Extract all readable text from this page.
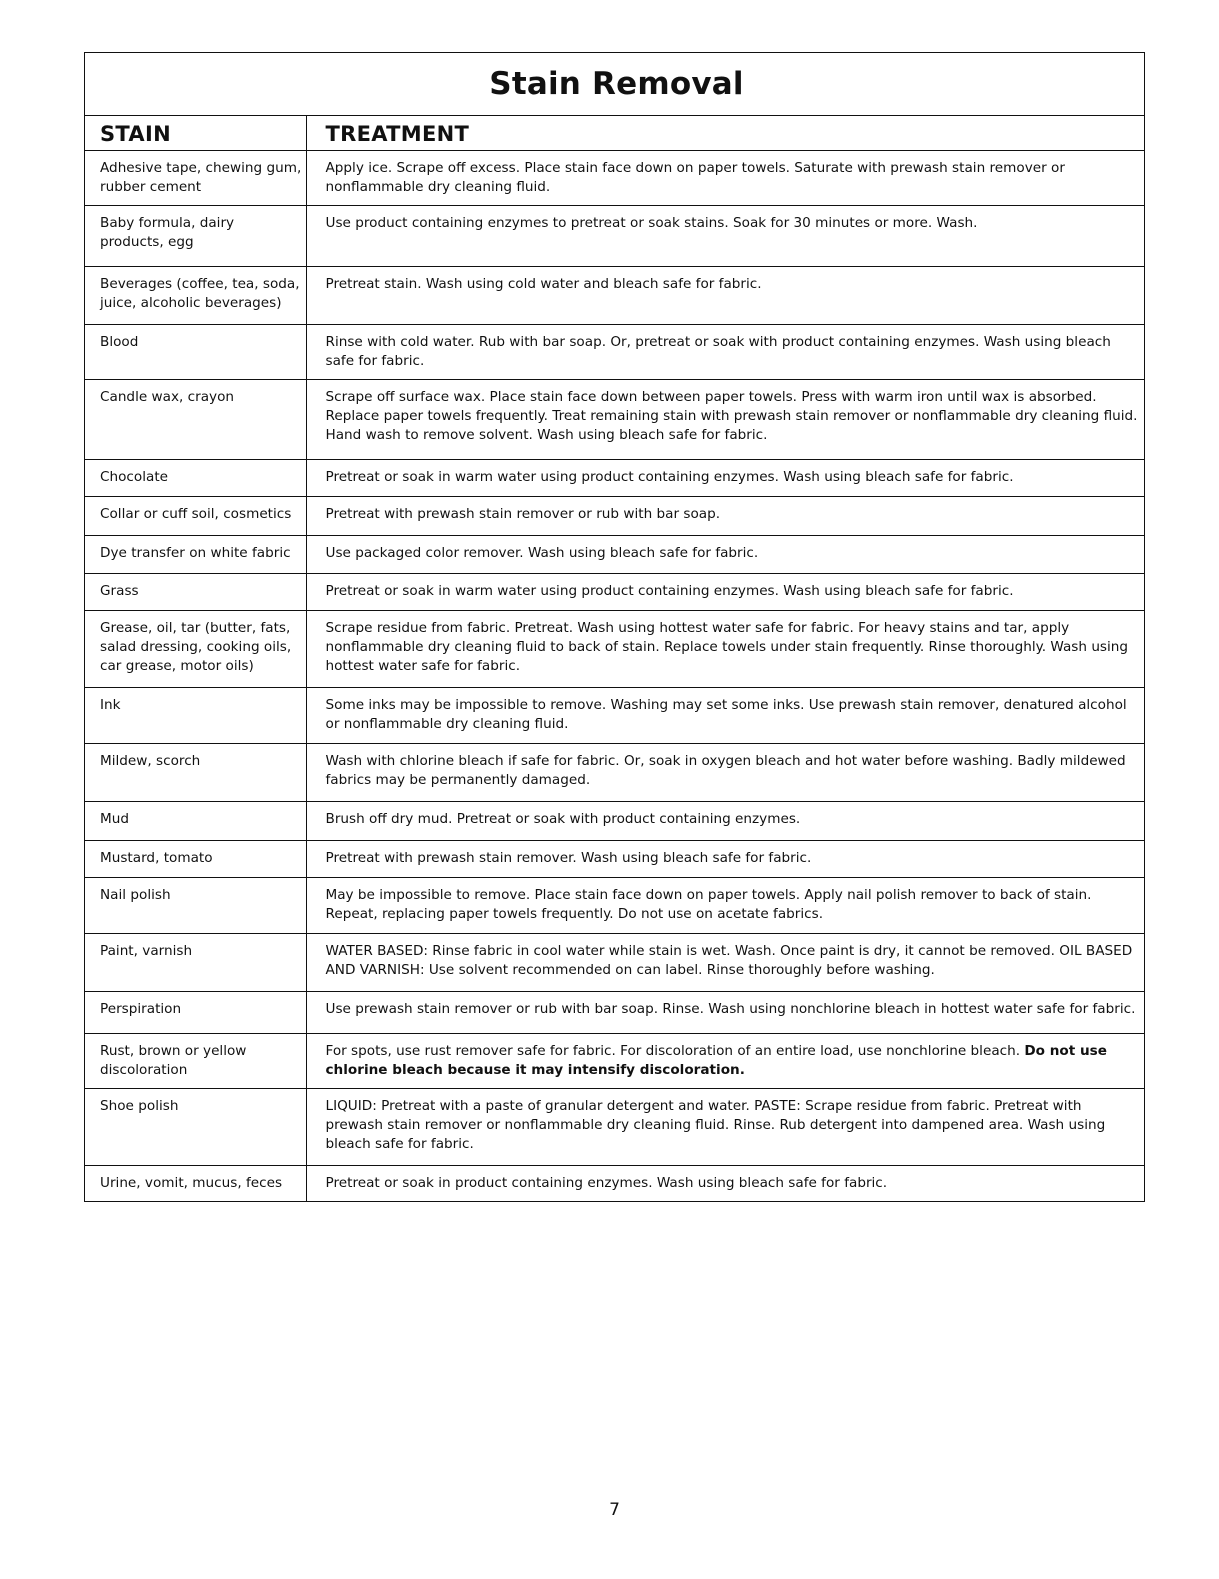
Stain Removal
STAIN	TREATMENT
Adhesive tape, chewing gum, rubber cement	Apply ice. Scrape off excess. Place stain face down on paper towels. Saturate with prewash stain remover or nonflammable dry cleaning fluid.
Baby formula, dairy products, egg	Use product containing enzymes to pretreat or soak stains. Soak for 30 minutes or more. Wash.
Beverages (coffee, tea, soda, juice, alcoholic beverages)	Pretreat stain. Wash using cold water and bleach safe for fabric.
Blood	Rinse with cold water. Rub with bar soap. Or, pretreat or soak with product containing enzymes. Wash using bleach safe for fabric.
Candle wax, crayon	Scrape off surface wax. Place stain face down between paper towels. Press with warm iron until wax is absorbed. Replace paper towels frequently. Treat remaining stain with prewash stain remover or nonflammable dry cleaning fluid. Hand wash to remove solvent. Wash using bleach safe for fabric.
Chocolate	Pretreat or soak in warm water using product containing enzymes. Wash using bleach safe for fabric.
Collar or cuff soil, cosmetics	Pretreat with prewash stain remover or rub with bar soap.
Dye transfer on white fabric	Use packaged color remover. Wash using bleach safe for fabric.
Grass	Pretreat or soak in warm water using product containing enzymes. Wash using bleach safe for fabric.
Grease, oil, tar (butter, fats, salad dressing, cooking oils, car grease, motor oils)	Scrape residue from fabric. Pretreat. Wash using hottest water safe for fabric. For heavy stains and tar, apply nonflammable dry cleaning fluid to back of stain. Replace towels under stain frequently. Rinse thoroughly. Wash using hottest water safe for fabric.
Ink	Some inks may be impossible to remove. Washing may set some inks. Use prewash stain remover, denatured alcohol or nonflammable dry cleaning fluid.
Mildew, scorch	Wash with chlorine bleach if safe for fabric. Or, soak in oxygen bleach and hot water before washing. Badly mildewed fabrics may be permanently damaged.
Mud	Brush off dry mud. Pretreat or soak with product containing enzymes.
Mustard, tomato	Pretreat with prewash stain remover. Wash using bleach safe for fabric.
Nail polish	May be impossible to remove. Place stain face down on paper towels. Apply nail polish remover to back of stain. Repeat, replacing paper towels frequently. Do not use on acetate fabrics.
Paint, varnish	WATER BASED: Rinse fabric in cool water while stain is wet. Wash. Once paint is dry, it cannot be removed. OIL BASED AND VARNISH: Use solvent recommended on can label. Rinse thoroughly before washing.
Perspiration	Use prewash stain remover or rub with bar soap. Rinse. Wash using nonchlorine bleach in hottest water safe for fabric.
Rust, brown or yellow discoloration	For spots, use rust remover safe for fabric. For discoloration of an entire load, use nonchlorine bleach. Do not use chlorine bleach because it may intensify discoloration.
Shoe polish	LIQUID: Pretreat with a paste of granular detergent and water. PASTE: Scrape residue from fabric. Pretreat with prewash stain remover or nonflammable dry cleaning fluid. Rinse. Rub detergent into dampened area. Wash using bleach safe for fabric.
Urine, vomit, mucus, feces	Pretreat or soak in product containing enzymes. Wash using bleach safe for fabric.
7
